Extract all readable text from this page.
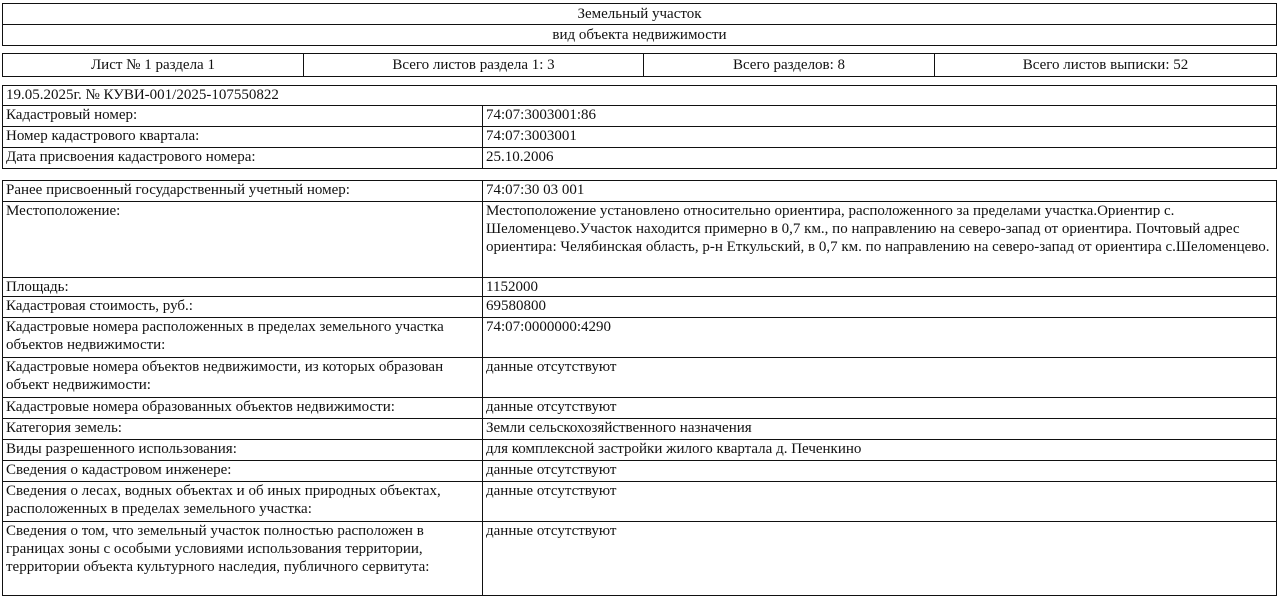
Земельный участок
вид объекта недвижимости
Лист № 1 раздела 1	Всего листов раздела 1: 3	Всего разделов: 8	Всего листов выписки: 52
19.05.2025г. № КУВИ-001/2025-107550822
Кадастровый номер:	74:07:3003001:86
Номер кадастрового квартала:	74:07:3003001
Дата присвоения кадастрового номера:	25.10.2006
Ранее присвоенный государственный учетный номер:	74:07:30 03 001
Местоположение:	Местоположение установлено относительно ориентира, расположенного за пределами участка.Ориентир с. Шеломенцево.Участок находится примерно в 0,7 км., по направлению на северо-запад от ориентира. Почтовый адрес ориентира: Челябинская область, р-н Еткульский, в 0,7 км. по направлению на северо-запад от ориентира с.Шеломенцево.
Площадь:	1152000
Кадастровая стоимость, руб.:	69580800
Кадастровые номера расположенных в пределах земельного участка объектов недвижимости:	74:07:0000000:4290
Кадастровые номера объектов недвижимости, из которых образован объект недвижимости:	данные отсутствуют
Кадастровые номера образованных объектов недвижимости:	данные отсутствуют
Категория земель:	Земли сельскохозяйственного назначения
Виды разрешенного использования:	для комплексной застройки жилого квартала д. Печенкино
Сведения о кадастровом инженере:	данные отсутствуют
Сведения о лесах, водных объектах и об иных природных объектах, расположенных в пределах земельного участка:	данные отсутствуют
Сведения о том, что земельный участок полностью расположен в границах зоны с особыми условиями использования территории, территории объекта культурного наследия, публичного сервитута:	данные отсутствуют
